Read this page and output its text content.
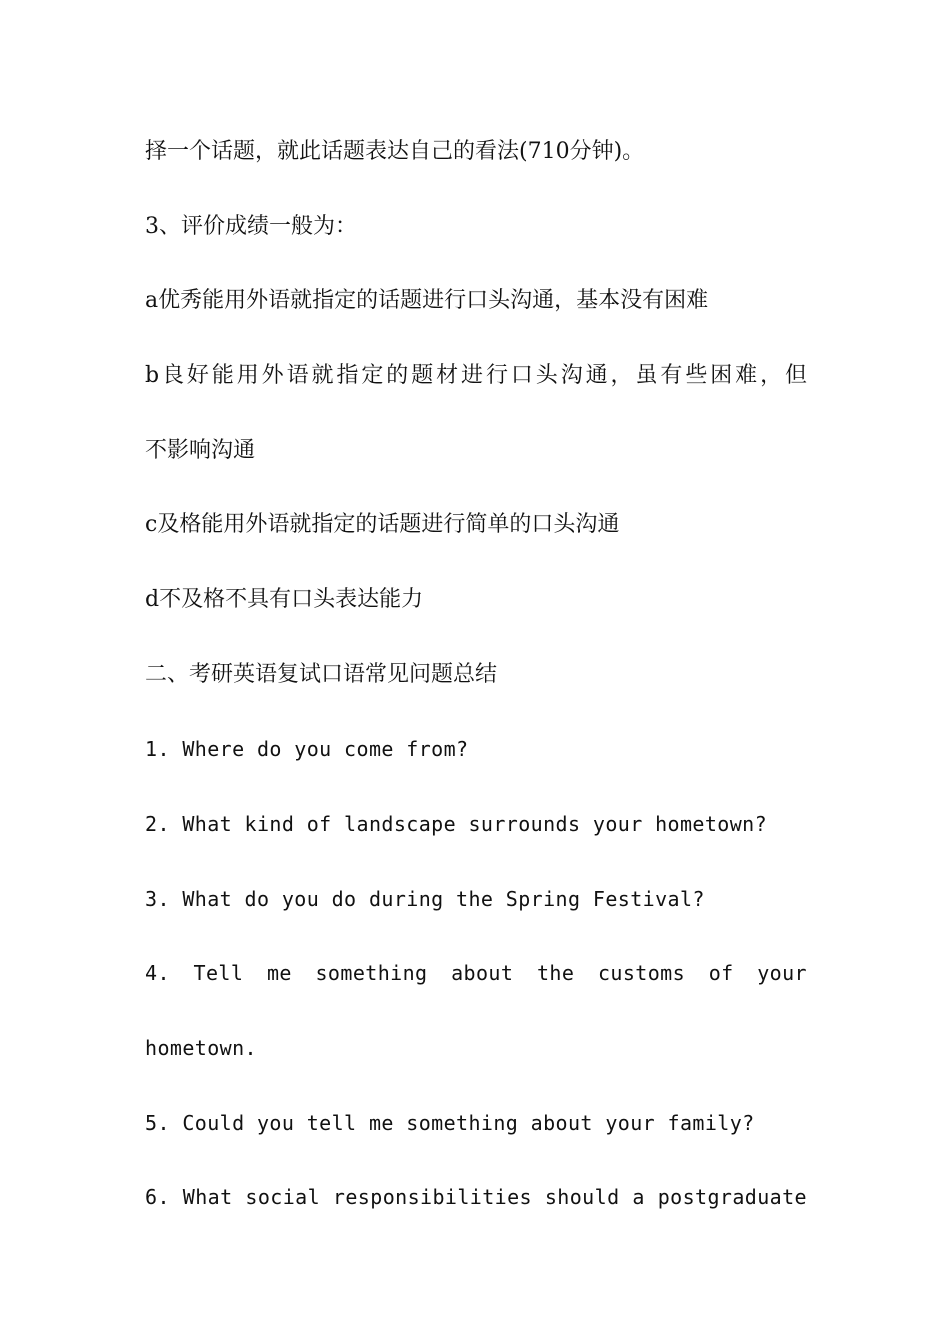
择一个话题，就此话题表达自己的看法(710分钟)。
3、评价成绩一般为：
a优秀能用外语就指定的话题进行口头沟通，基本没有困难
b良好能用外语就指定的题材进行口头沟通，虽有些困难，但
不影响沟通
c及格能用外语就指定的话题进行简单的口头沟通
d不及格不具有口头表达能力
二、考研英语复试口语常见问题总结
1. Where do you come from?
2. What kind of landscape surrounds your hometown?
3. What do you do during the Spring Festival?
4. Tell me something about the customs of your
hometown.
5. Could you tell me something about your family?
6. What social responsibilities should a postgraduate
